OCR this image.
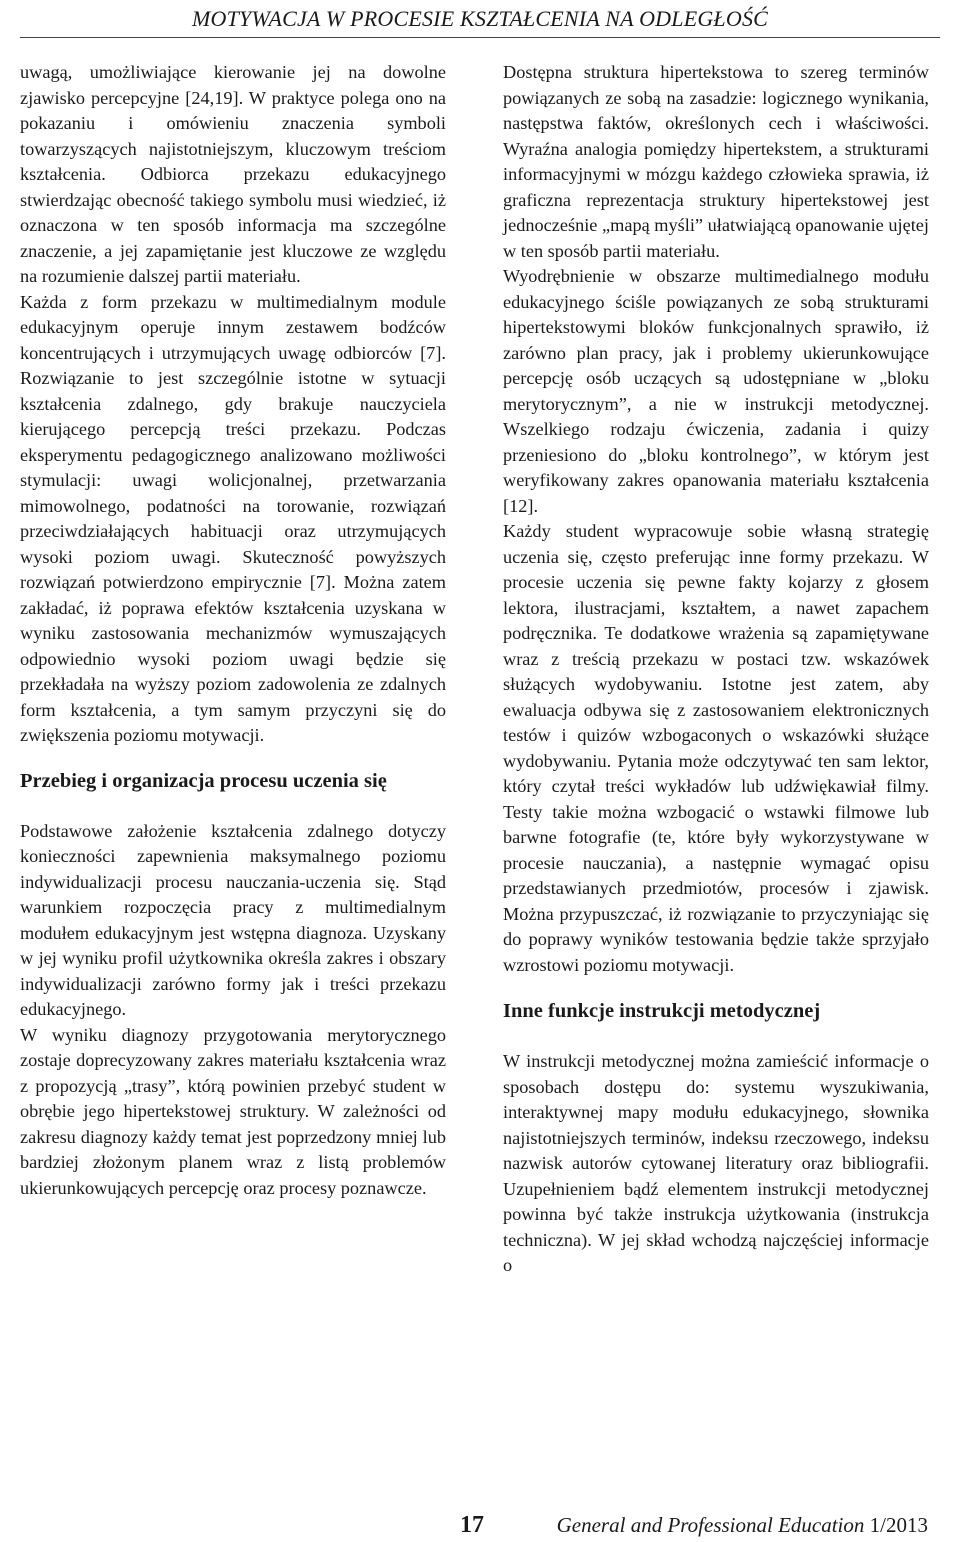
MOTYWACJA W PROCESIE KSZTAŁCENIA NA ODLEGŁOŚĆ

uwagą, umożliwiające kierowanie jej na dowolne zjawisko percepcyjne [24,19]. W praktyce polega ono na pokazaniu i omówieniu znaczenia symboli towarzyszących najistotniejszym, kluczowym treściom kształcenia. Odbiorca przekazu edukacyjnego stwierdzając obecność takiego symbolu musi wiedzieć, iż oznaczona w ten sposób informacja ma szczególne znaczenie, a jej zapamiętanie jest kluczowe ze względu na rozumienie dalszej partii materiału.

Każda z form przekazu w multimedialnym module edukacyjnym operuje innym zestawem bodźców koncentrujących i utrzymujących uwagę odbiorców [7]. Rozwiązanie to jest szczególnie istotne w sytuacji kształcenia zdalnego, gdy brakuje nauczyciela kierującego percepcją treści przekazu. Podczas eksperymentu pedagogicznego analizowano możliwości stymulacji: uwagi wolicjonalnej, przetwarzania mimowolnego, podatności na torowanie, rozwiązań przeciwdziałających habituacji oraz utrzymujących wysoki poziom uwagi. Skuteczność powyższych rozwiązań potwierdzono empirycznie [7]. Można zatem zakładać, iż poprawa efektów kształcenia uzyskana w wyniku zastosowania mechanizmów wymuszających odpowiednio wysoki poziom uwagi będzie się przekładała na wyższy poziom zadowolenia ze zdalnych form kształcenia, a tym samym przyczyni się do zwiększenia poziomu motywacji.

Przebieg i organizacja procesu uczenia się

Podstawowe założenie kształcenia zdalnego dotyczy konieczności zapewnienia maksymalnego poziomu indywidualizacji procesu nauczania-uczenia się. Stąd warunkiem rozpoczęcia pracy z multimedialnym modułem edukacyjnym jest wstępna diagnoza. Uzyskany w jej wyniku profil użytkownika określa zakres i obszary indywidualizacji zarówno formy jak i treści przekazu edukacyjnego.

W wyniku diagnozy przygotowania merytorycznego zostaje doprecyzowany zakres materiału kształcenia wraz z propozycją „trasy”, którą powinien przebyć student w obrębie jego hipertekstowej struktury. W zależności od zakresu diagnozy każdy temat jest poprzedzony mniej lub bardziej złożonym planem wraz z listą problemów ukierunkowujących percepcję oraz procesy poznawcze.

Dostępna struktura hipertekstowa to szereg terminów powiązanych ze sobą na zasadzie: logicznego wynikania, następstwa faktów, określonych cech i właściwości. Wyraźna analogia pomiędzy hipertekstem, a strukturami informacyjnymi w mózgu każdego człowieka sprawia, iż graficzna reprezentacja struktury hipertekstowej jest jednocześnie „mapą myśli” ułatwiającą opanowanie ujętej w ten sposób partii materiału.

Wyodrębnienie w obszarze multimedialnego modułu edukacyjnego ściśle powiązanych ze sobą strukturami hipertekstowymi bloków funkcjonalnych sprawiło, iż zarówno plan pracy, jak i problemy ukierunkowujące percepcję osób uczących są udostępniane w „bloku merytorycznym”, a nie w instrukcji metodycznej. Wszelkiego rodzaju ćwiczenia, zadania i quizy przeniesiono do „bloku kontrolnego”, w którym jest weryfikowany zakres opanowania materiału kształcenia [12].

Każdy student wypracowuje sobie własną strategię uczenia się, często preferując inne formy przekazu. W procesie uczenia się pewne fakty kojarzy z głosem lektora, ilustracjami, kształtem, a nawet zapachem podręcznika. Te dodatkowe wrażenia są zapamiętywane wraz z treścią przekazu w postaci tzw. wskazówek służących wydobywaniu. Istotne jest zatem, aby ewaluacja odbywa się z zastosowaniem elektronicznych testów i quizów wzbogaconych o wskazówki służące wydobywaniu. Pytania może odczytywać ten sam lektor, który czytał treści wykładów lub udźwiękawiał filmy. Testy takie można wzbogacić o wstawki filmowe lub barwne fotografie (te, które były wykorzystywane w procesie nauczania), a następnie wymagać opisu przedstawianych przedmiotów, procesów i zjawisk. Można przypuszczać, iż rozwiązanie to przyczyniając się do poprawy wyników testowania będzie także sprzyjało wzrostowi poziomu motywacji.

Inne funkcje instrukcji metodycznej

W instrukcji metodycznej można zamieścić informacje o sposobach dostępu do: systemu wyszukiwania, interaktywnej mapy modułu edukacyjnego, słownika najistotniejszych terminów, indeksu rzeczowego, indeksu nazwisk autorów cytowanej literatury oraz bibliografii. Uzupełnieniem bądź elementem instrukcji metodycznej powinna być także instrukcja użytkowania (instrukcja techniczna). W jej skład wchodzą najczęściej informacje o

17	General and Professional Education 1/2013
